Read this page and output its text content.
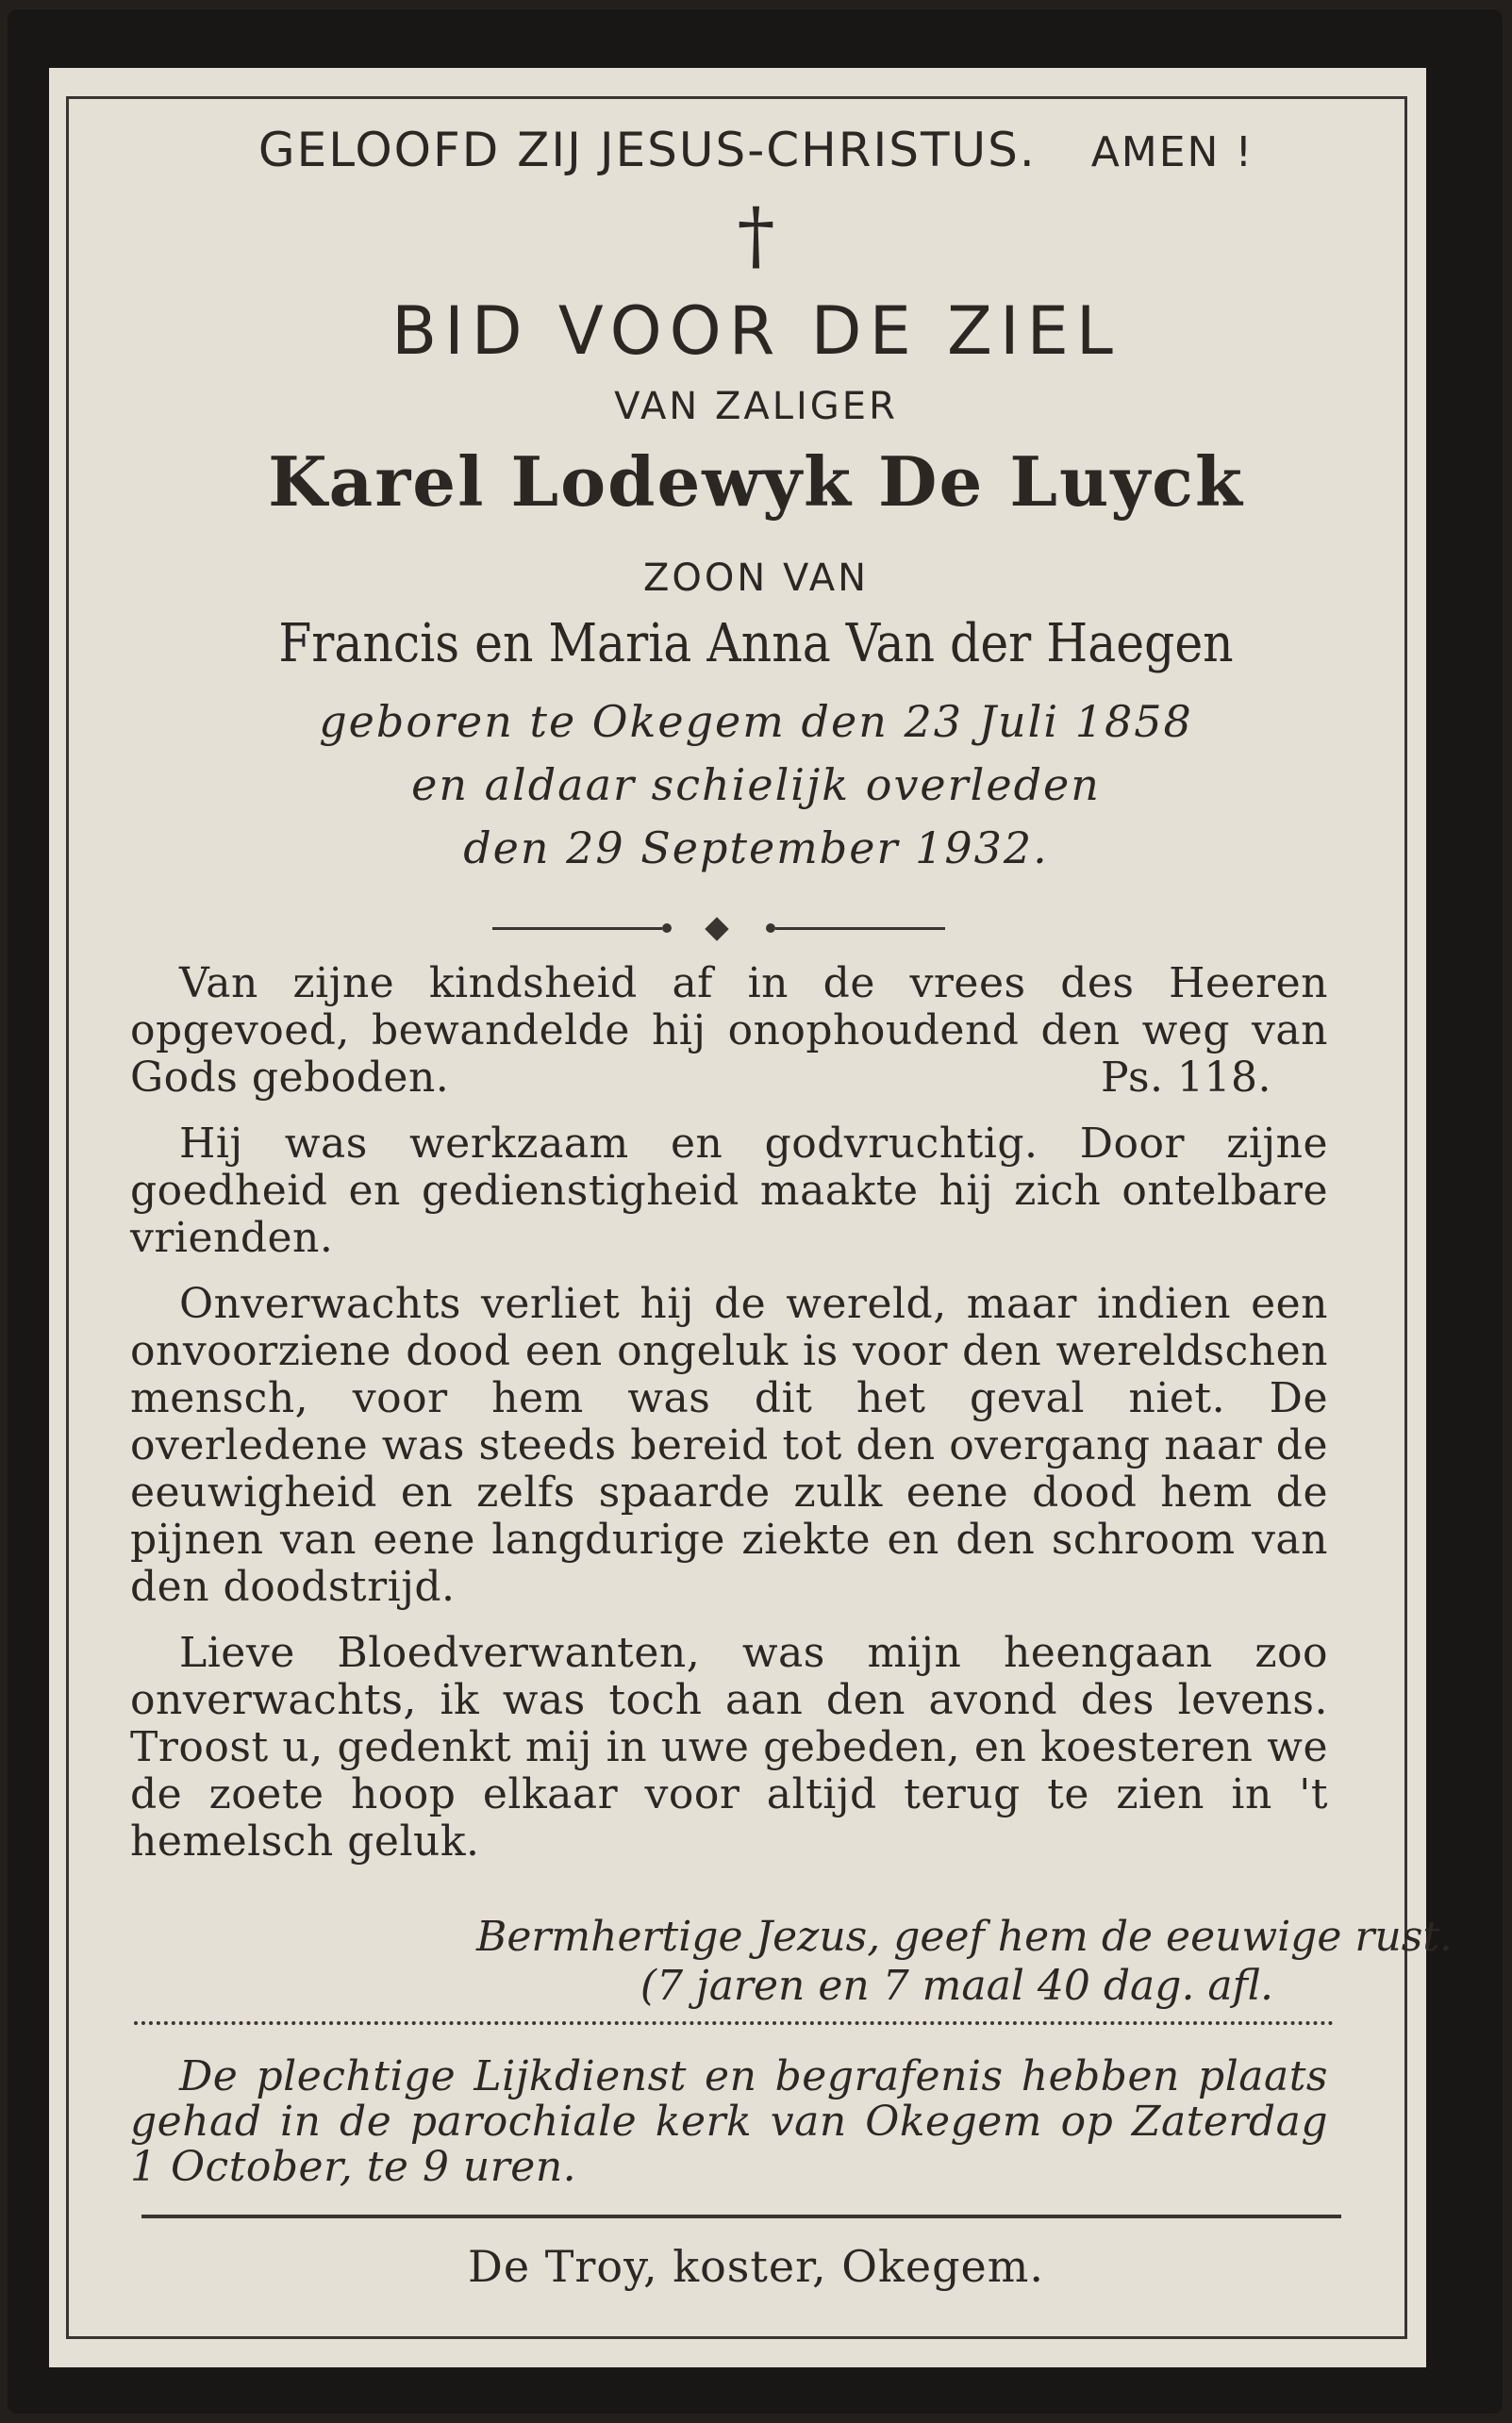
GELOOFD ZIJ JESUS-CHRISTUS. AMEN !
†
BID VOOR DE ZIEL
VAN ZALIGER
Karel Lodewyk De Luyck
ZOON VAN
Francis en Maria Anna Van der Haegen
geboren te Okegem den 23 Juli 1858
en aldaar schielijk overleden
den 29 September 1932.

Van zijne kindsheid af in de vrees des Heeren opgevoed, bewandelde hij onophoudend den weg van Gods geboden.	Ps. 118.

Hij was werkzaam en godvruchtig. Door zijne goedheid en gedienstigheid maakte hij zich ontelbare vrienden.

Onverwachts verliet hij de wereld, maar indien een onvoorziene dood een ongeluk is voor den wereldschen mensch, voor hem was dit het geval niet. De overledene was steeds bereid tot den overgang naar de eeuwigheid en zelfs spaarde zulk eene dood hem de pijnen van eene langdurige ziekte en den schroom van den doodstrijd.

Lieve Bloedverwanten, was mijn heengaan zoo onverwachts, ik was toch aan den avond des levens. Troost u, gedenkt mij in uwe gebeden, en koesteren we de zoete hoop elkaar voor altijd terug te zien in 't hemelsch geluk.

Bermhertige Jezus, geef hem de eeuwige rust.
(7 jaren en 7 maal 40 dag. afl.

De plechtige Lijkdienst en begrafenis hebben plaats gehad in de parochiale kerk van Okegem op Zaterdag 1 October, te 9 uren.

De Troy, koster, Okegem.
